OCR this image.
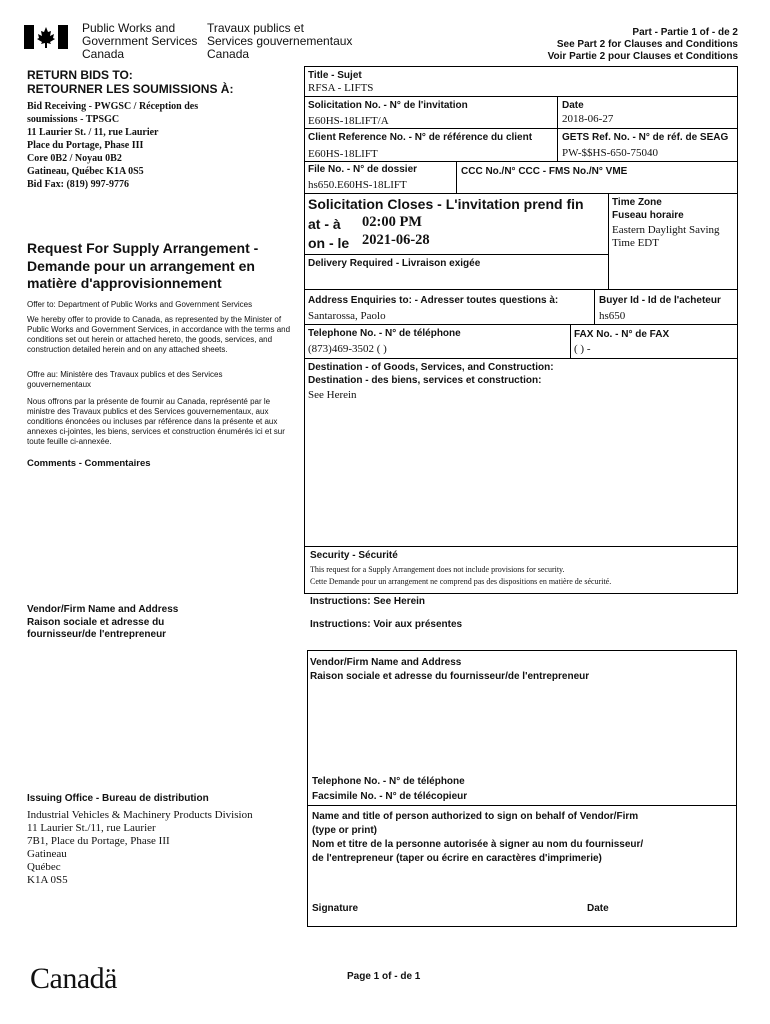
Public Works and
Government Services
Canada
Travaux publics et
Services gouvernementaux
Canada
Part - Partie 1 of - de 2
See Part 2 for Clauses and Conditions
Voir Partie 2 pour Clauses et Conditions
RETURN BIDS TO:
RETOURNER LES SOUMISSIONS À:
Bid Receiving - PWGSC / Réception des
soumissions - TPSGC
11 Laurier St. / 11, rue Laurier
Place du Portage, Phase III
Core 0B2 / Noyau 0B2
Gatineau, Québec K1A 0S5
Bid Fax: (819) 997-9776
Request For Supply Arrangement -
Demande pour un arrangement en
matière d'approvisionnement
Offer to: Department of Public Works and Government Services
We hereby offer to provide to Canada, as represented by the Minister of Public Works and Government Services, in accordance with the terms and conditions set out herein or attached hereto, the goods, services, and construction detailed herein and on any attached sheets.
Offre au: Ministère des Travaux publics et des Services gouvernementaux
Nous offrons par la présente de fournir au Canada, représenté par le ministre des Travaux publics et des Services gouvernementaux, aux conditions énoncées ou incluses par référence dans la présente et aux annexes ci-jointes, les biens, services et construction énumérés ici et sur toute feuille ci-annexée.
Comments - Commentaires
Vendor/Firm Name and Address
Raison sociale et adresse du
fournisseur/de l'entrepreneur
Issuing Office - Bureau de distribution
Industrial Vehicles & Machinery Products Division
11 Laurier St./11, rue Laurier
7B1, Place du Portage, Phase III
Gatineau
Québec
K1A 0S5
Title - Sujet
RFSA - LIFTS
Solicitation No. - N° de l'invitation
E60HS-18LIFT/A
Date
2018-06-27
Client Reference No. - N° de référence du client
E60HS-18LIFT
GETS Ref. No. - N° de réf. de SEAG
PW-$$HS-650-75040
File No. - N° de dossier
hs650.E60HS-18LIFT
CCC No./N° CCC - FMS No./N° VME
Solicitation Closes - L'invitation prend fin
at - à 02:00 PM
on - le 2021-06-28
Time Zone
Fuseau horaire
Eastern Daylight Saving
Time EDT
Delivery Required - Livraison exigée
Address Enquiries to: - Adresser toutes questions à:
Santarossa, Paolo
Buyer Id - Id de l'acheteur
hs650
Telephone No. - N° de téléphone
(873)469-3502 ( )
FAX No. - N° de FAX
( ) -
Destination - of Goods, Services, and Construction:
Destination - des biens, services et construction:
See Herein
Security - Sécurité
This request for a Supply Arrangement does not include provisions for security.
Cette Demande pour un arrangement ne comprend pas des dispositions en matière de sécurité.
Instructions: See Herein
Instructions: Voir aux présentes
Vendor/Firm Name and Address
Raison sociale et adresse du fournisseur/de l'entrepreneur
Telephone No. - N° de téléphone
Facsimile No. - N° de télécopieur
Name and title of person authorized to sign on behalf of Vendor/Firm
(type or print)
Nom et titre de la personne autorisée à signer au nom du fournisseur/
de l'entrepreneur (taper ou écrire en caractères d'imprimerie)
Signature	Date
Canadä	Page 1 of - de 1
